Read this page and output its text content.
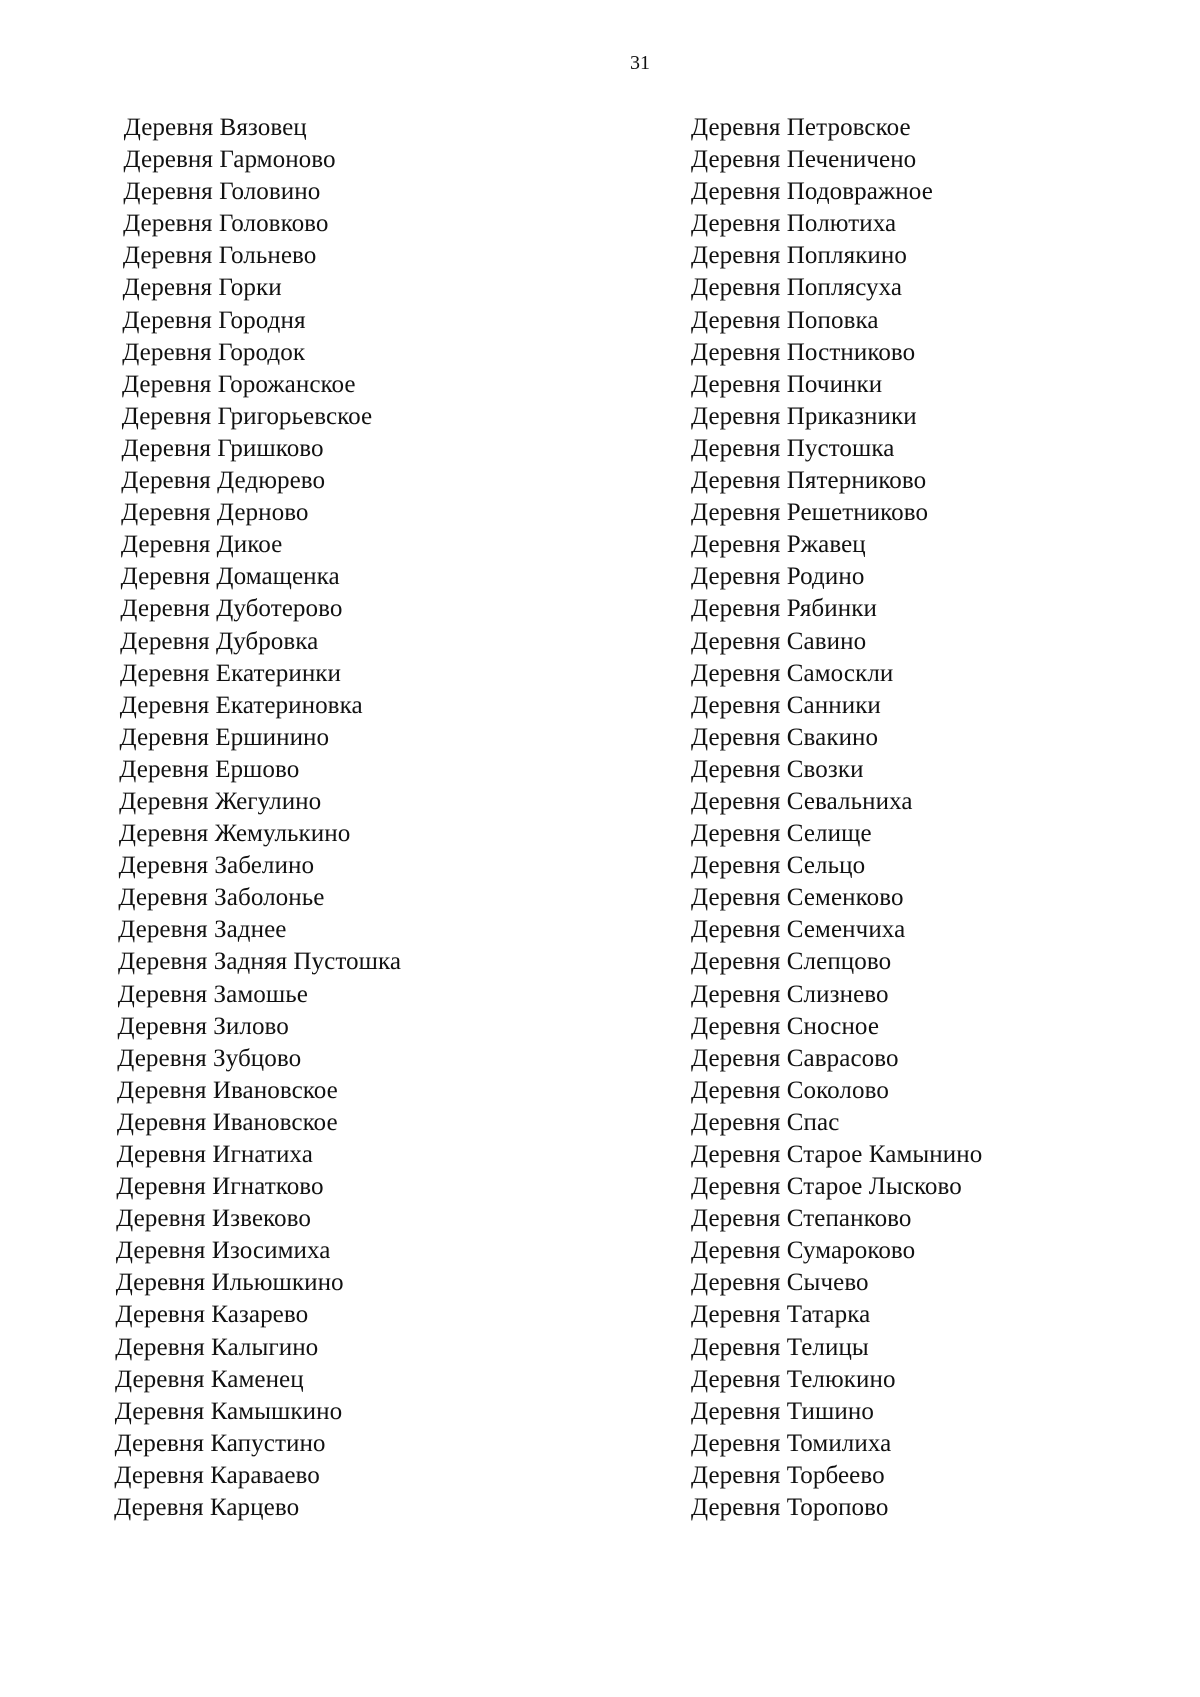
31
Деревня Вязовец
Деревня Гармоново
Деревня Головино
Деревня Головково
Деревня Гольнево
Деревня Горки
Деревня Городня
Деревня Городок
Деревня Горожанское
Деревня Григорьевское
Деревня Гришково
Деревня Дедюрево
Деревня Дерново
Деревня Дикое
Деревня Домащенка
Деревня Дуботерово
Деревня Дубровка
Деревня Екатеринки
Деревня Екатериновка
Деревня Ершинино
Деревня Ершово
Деревня Жегулино
Деревня Жемулькино
Деревня Забелино
Деревня Заболонье
Деревня Заднее
Деревня Задняя Пустошка
Деревня Замошье
Деревня Зилово
Деревня Зубцово
Деревня Ивановское
Деревня Ивановское
Деревня Игнатиха
Деревня Игнатково
Деревня Извеково
Деревня Изосимиха
Деревня Ильюшкино
Деревня Казарево
Деревня Калыгино
Деревня Каменец
Деревня Камышкино
Деревня Капустино
Деревня Караваево
Деревня Карцево
Деревня Петровское
Деревня Печеничено
Деревня Подовражное
Деревня Полютиха
Деревня Поплякино
Деревня Поплясуха
Деревня Поповка
Деревня Постниково
Деревня Починки
Деревня Приказники
Деревня Пустошка
Деревня Пятерниково
Деревня Решетниково
Деревня Ржавец
Деревня Родино
Деревня Рябинки
Деревня Савино
Деревня Самоскли
Деревня Санники
Деревня Свакино
Деревня Свозки
Деревня Севальниха
Деревня Селище
Деревня Сельцо
Деревня Семенково
Деревня Семенчиха
Деревня Слепцово
Деревня Слизнево
Деревня Сносное
Деревня Саврасово
Деревня Соколово
Деревня Спас
Деревня Старое Камынино
Деревня Старое Лысково
Деревня Степанково
Деревня Сумароково
Деревня Сычево
Деревня Татарка
Деревня Телицы
Деревня Телюкино
Деревня Тишино
Деревня Томилиха
Деревня Торбеево
Деревня Торопово
